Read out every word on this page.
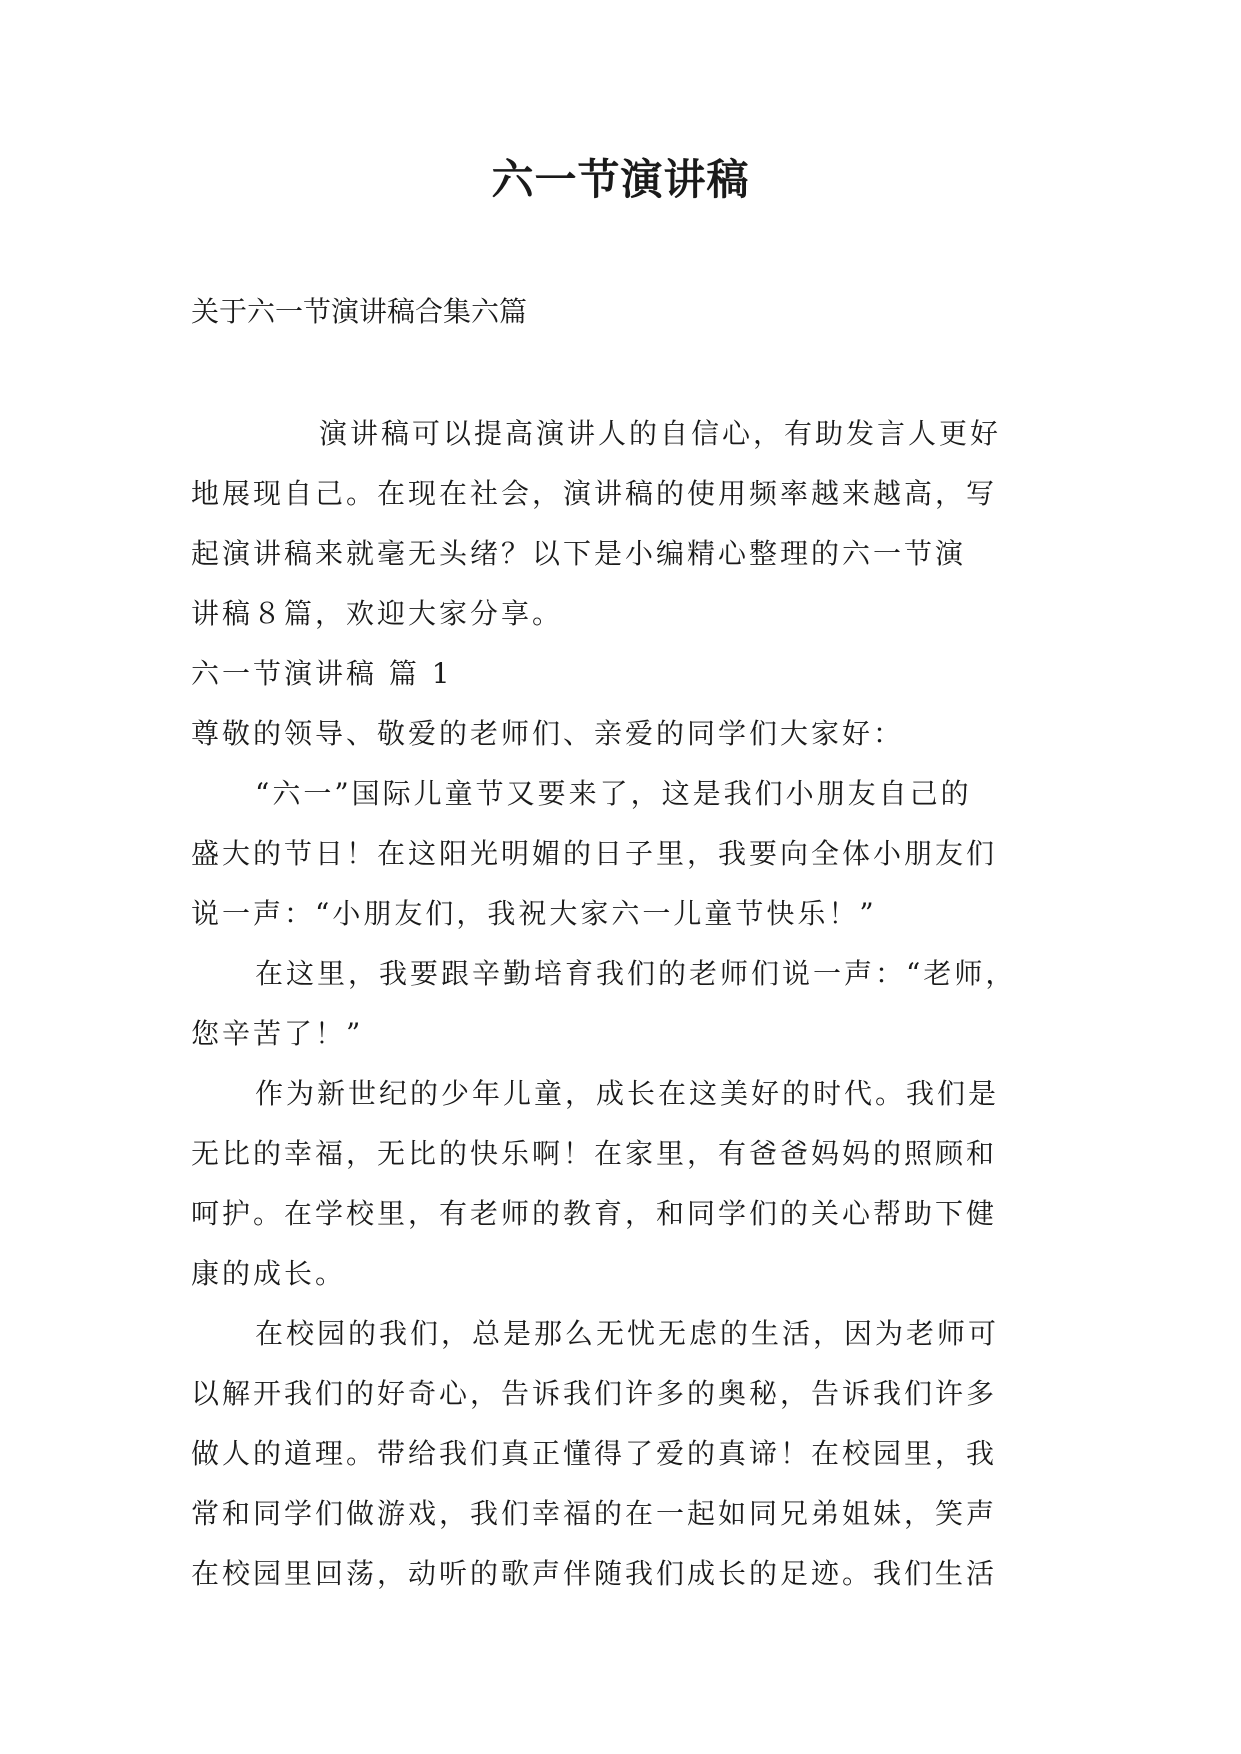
六一节演讲稿

关于六一节演讲稿合集六篇

演讲稿可以提高演讲人的自信心，有助发言人更好

地展现自己。在现在社会，演讲稿的使用频率越来越高，写

起演讲稿来就毫无头绪？以下是小编精心整理的六一节演

讲稿８篇，欢迎大家分享。

六一节演讲稿 篇 1

尊敬的领导、敬爱的老师们、亲爱的同学们大家好：

“六一”国际儿童节又要来了，这是我们小朋友自己的

盛大的节日！在这阳光明媚的日子里，我要向全体小朋友们

说一声：“小朋友们，我祝大家六一儿童节快乐！”

在这里，我要跟辛勤培育我们的老师们说一声：“老师，

您辛苦了！”

作为新世纪的少年儿童，成长在这美好的时代。我们是

无比的幸福，无比的快乐啊！在家里，有爸爸妈妈的照顾和

呵护。在学校里，有老师的教育，和同学们的关心帮助下健

康的成长。

在校园的我们，总是那么无忧无虑的生活，因为老师可

以解开我们的好奇心，告诉我们许多的奥秘，告诉我们许多

做人的道理。带给我们真正懂得了爱的真谛！在校园里，我

常和同学们做游戏，我们幸福的在一起如同兄弟姐妹，笑声

在校园里回荡，动听的歌声伴随我们成长的足迹。我们生活
